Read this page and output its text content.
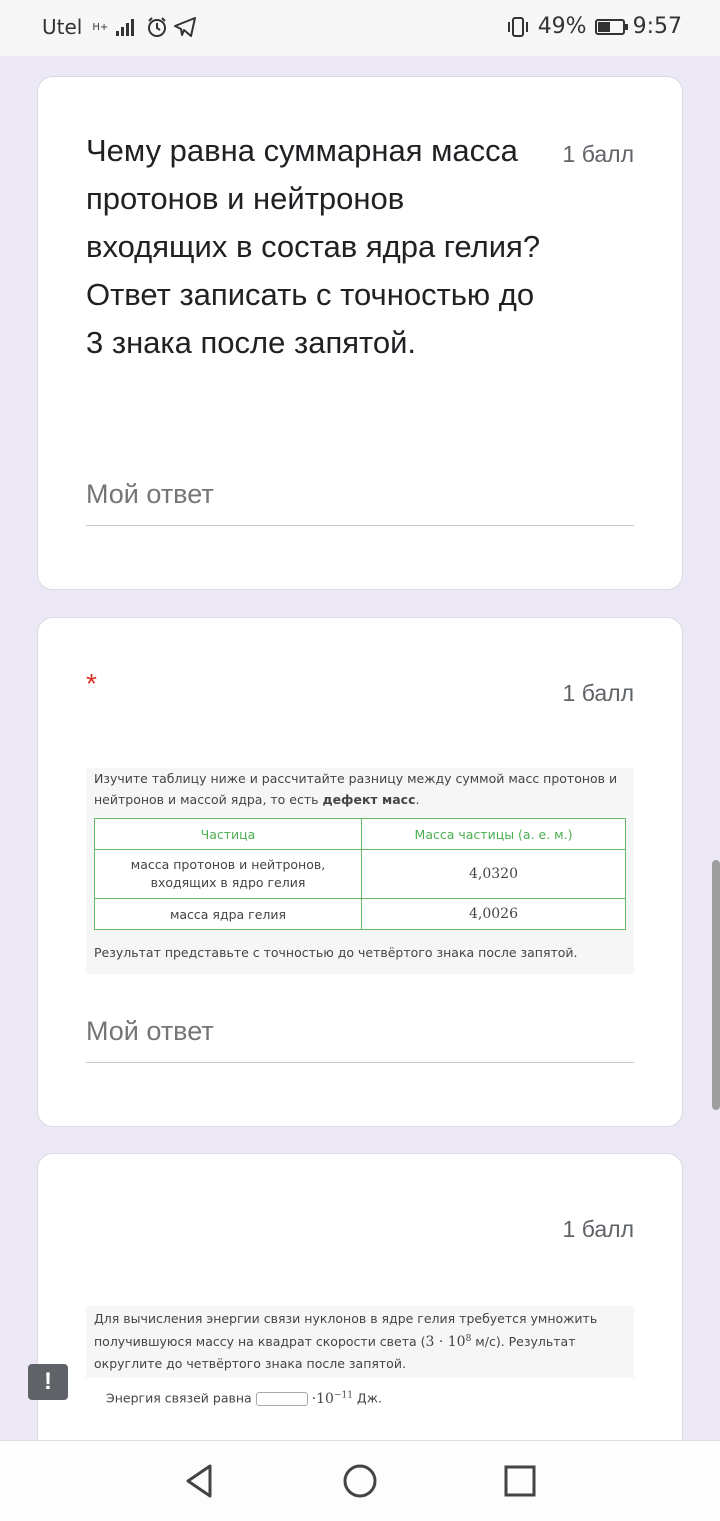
Utel H+	49% 9:57
Чему равна суммарная масса протонов и нейтронов входящих в состав ядра гелия? Ответ записать с точностью до 3 знака после запятой.
1 балл
Мой ответ
*	1 балл

Изучите таблицу ниже и рассчитайте разницу между суммой масс протонов и нейтронов и массой ядра, то есть дефект масс.

Частица	Масса частицы (а. е. м.)
масса протонов и нейтронов, входящих в ядро гелия	4,0320
масса ядра гелия	4,0026

Результат представьте с точностью до четвёртого знака после запятой.

Мой ответ
1 балл

Для вычисления энергии связи нуклонов в ядре гелия требуется умножить получившуюся массу на квадрат скорости света ($3 \cdot 10^8$ м/с). Результат округлите до четвёртого знака после запятой.

Энергия связей равна	$\cdot 10^{-11}$ Дж.
!
